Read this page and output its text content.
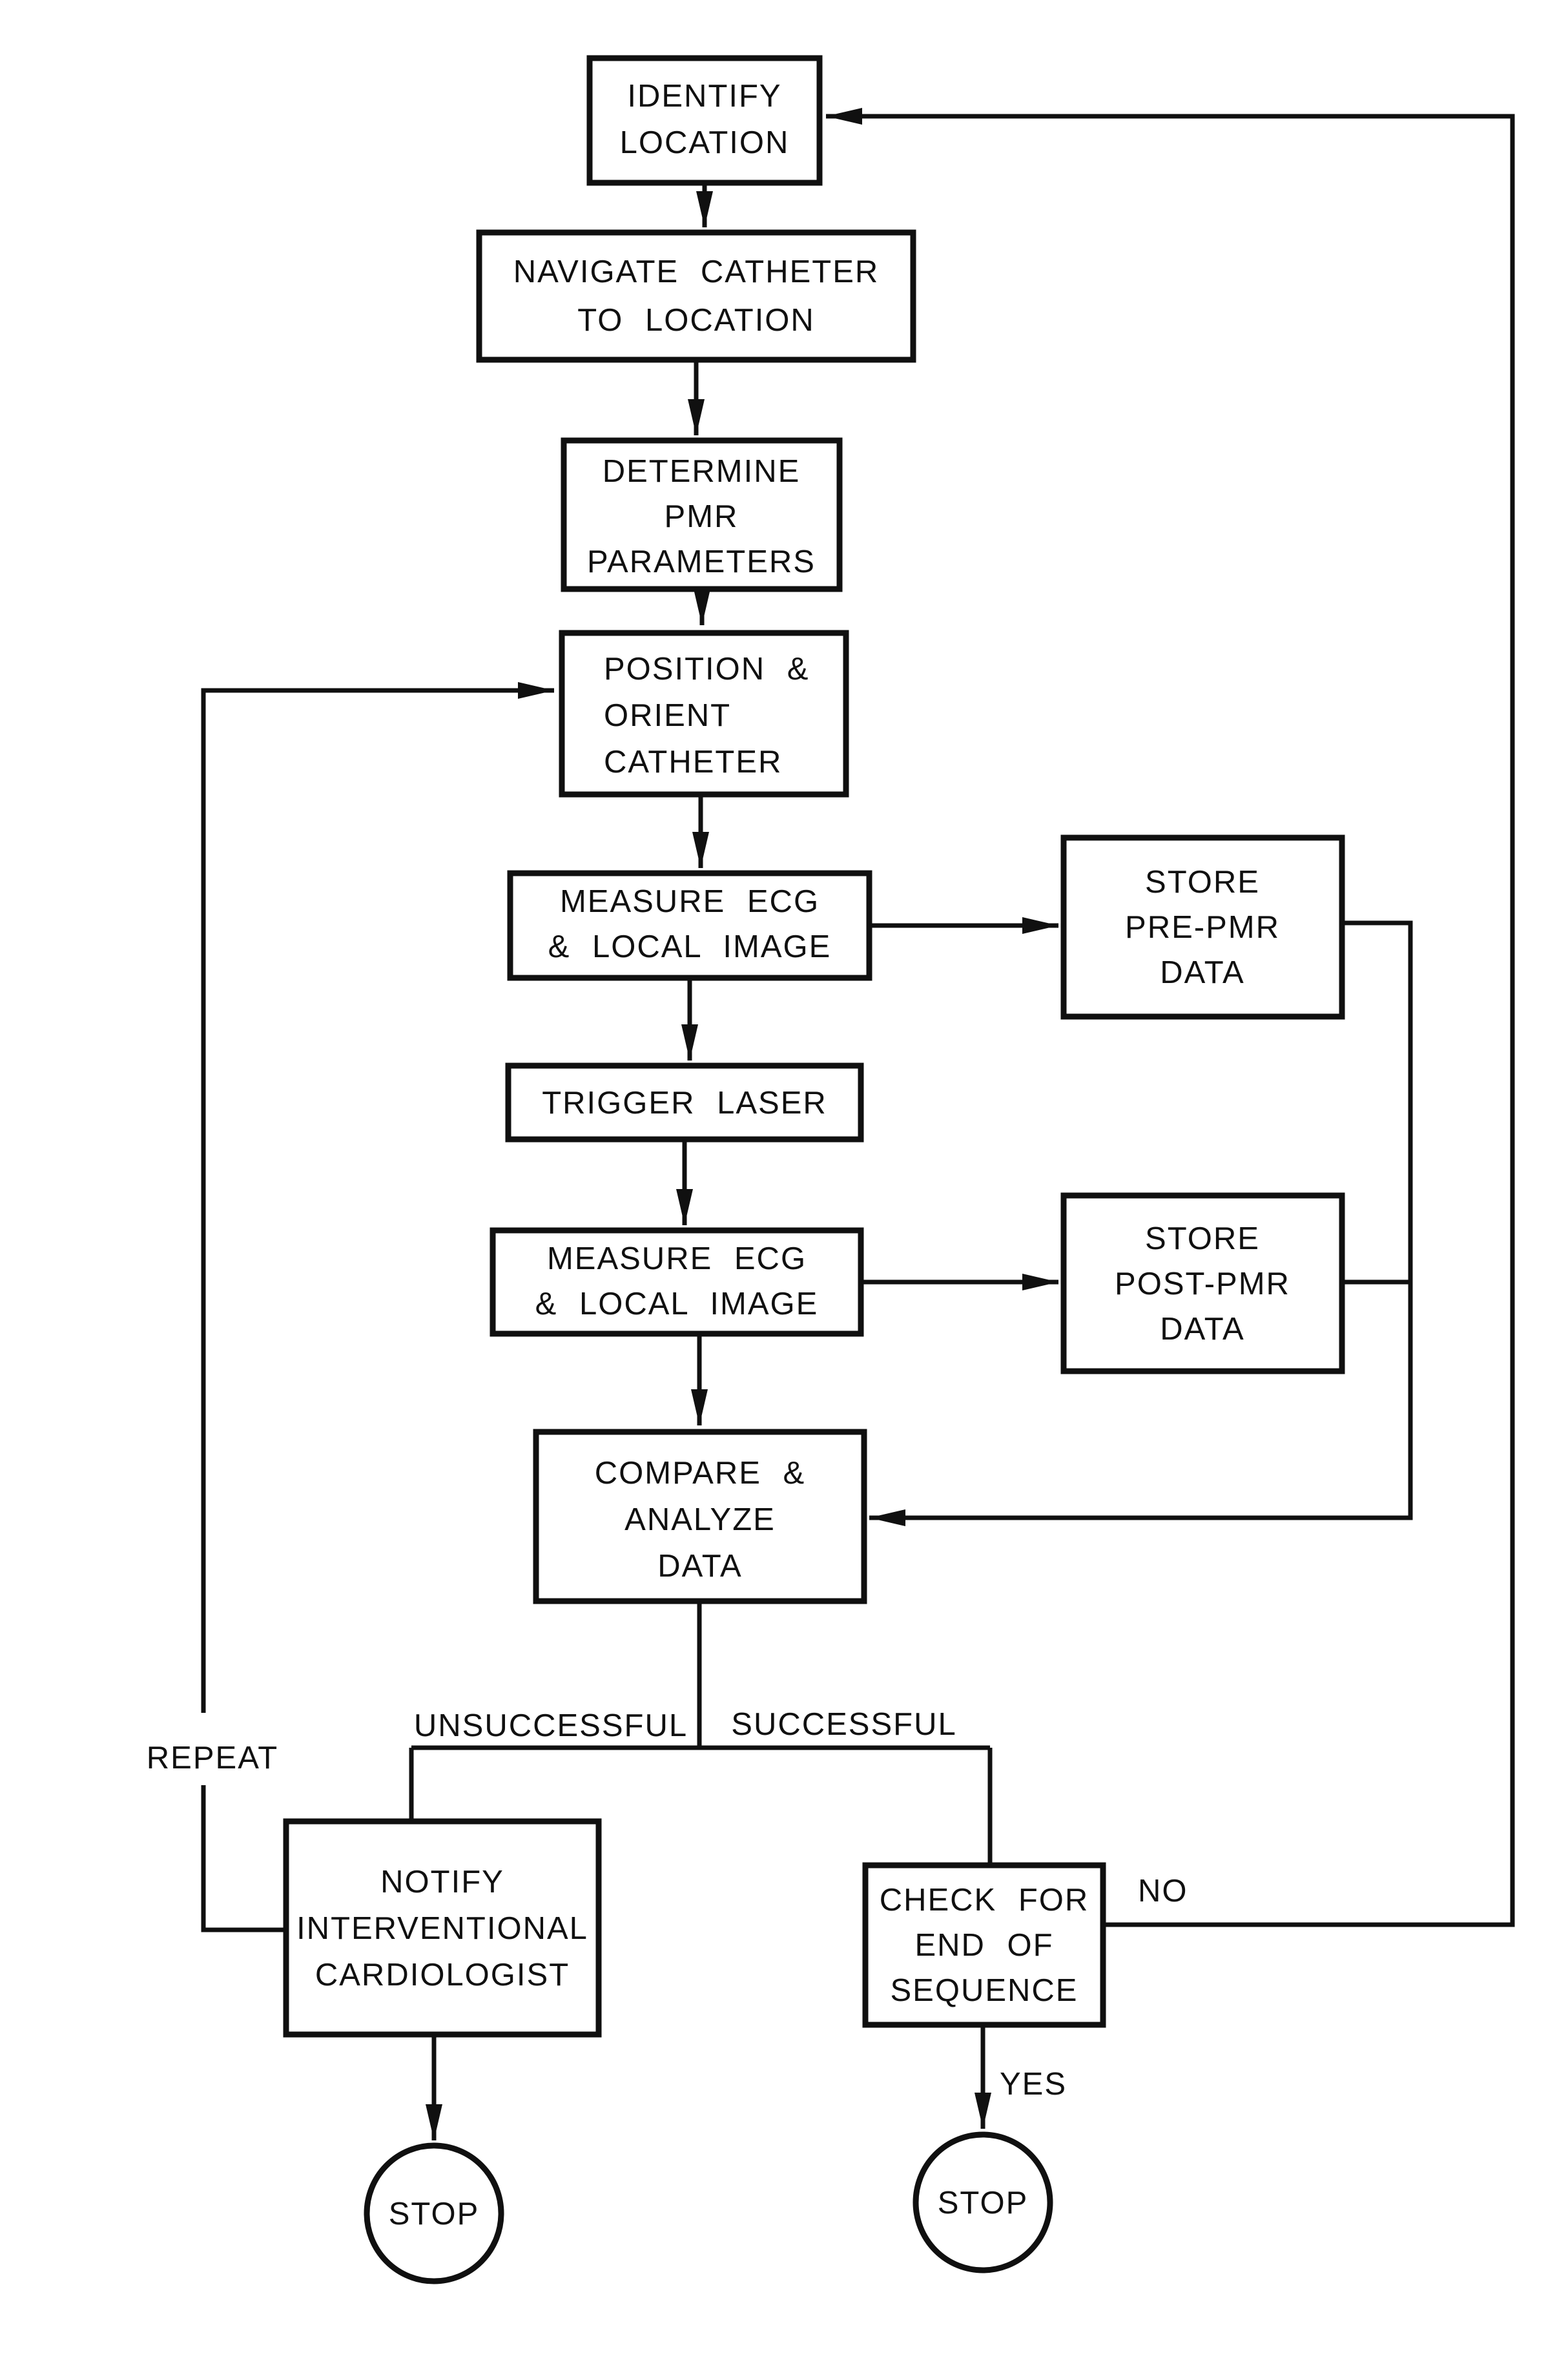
IDENTIFY
LOCATION
NAVIGATE CATHETER
TO LOCATION
DETERMINE
PMR
PARAMETERS
POSITION &
ORIENT
CATHETER
MEASURE ECG
& LOCAL IMAGE
STORE
PRE-PMR
DATA
TRIGGER LASER
MEASURE ECG
& LOCAL IMAGE
STORE
POST-PMR
DATA
COMPARE &
ANALYZE
DATA
NOTIFY
INTERVENTIONAL
CARDIOLOGIST
CHECK FOR
END OF
SEQUENCE
STOP	STOP
REPEAT
UNSUCCESSFUL SUCCESSFUL
NO
YES
